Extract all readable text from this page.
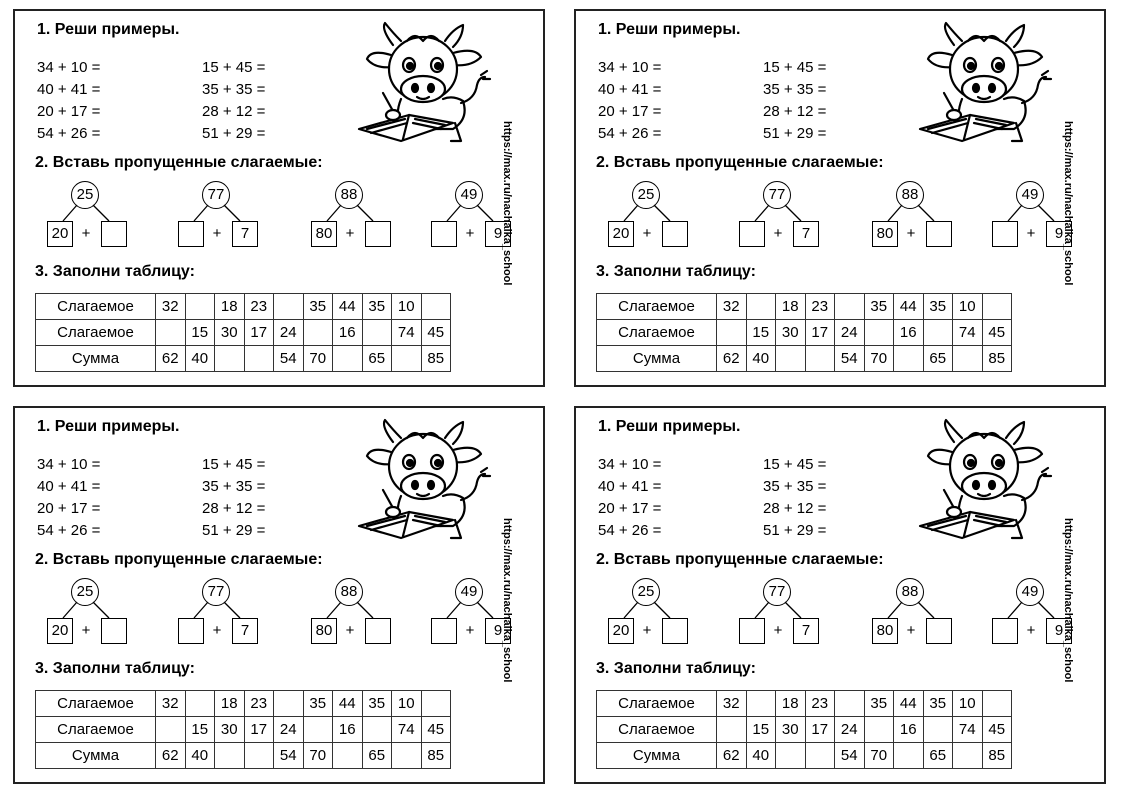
1. Реши примеры.
2. Вставь пропущенные слагаемые:
3. Заполни таблицу:
34 + 10 =	15 + 45 =
40 + 41 =	35 + 35 =
20 + 17 =	28 + 12 =
54 + 26 =	51 + 29 =	https://max.ru/nachalka_school
25
20 +
77
+	7
88
80 +
49
+	9
Слагаемое	32		18	23		35	44	35	10	
Слагаемое		15	30	17	24		16		74	45
Сумма	62	40			54	70		65		85
1. Реши примеры.
2. Вставь пропущенные слагаемые:
3. Заполни таблицу:
34 + 10 =	15 + 45 =
40 + 41 =	35 + 35 =
20 + 17 =	28 + 12 =
54 + 26 =	51 + 29 =	https://max.ru/nachalka_school
25
20 +
77
+	7
88
80 +
49
+	9
Слагаемое	32		18	23		35	44	35	10	
Слагаемое		15	30	17	24		16		74	45
Сумма	62	40			54	70		65		85
1. Реши примеры.
2. Вставь пропущенные слагаемые:
3. Заполни таблицу:
34 + 10 =	15 + 45 =
40 + 41 =	35 + 35 =
20 + 17 =	28 + 12 =
54 + 26 =	51 + 29 =	https://max.ru/nachalka_school
25
20 +
77
+	7
88
80 +
49
+	9
Слагаемое	32		18	23		35	44	35	10	
Слагаемое		15	30	17	24		16		74	45
Сумма	62	40			54	70		65		85
1. Реши примеры.
2. Вставь пропущенные слагаемые:
3. Заполни таблицу:
34 + 10 =	15 + 45 =
40 + 41 =	35 + 35 =
20 + 17 =	28 + 12 =
54 + 26 =	51 + 29 =	https://max.ru/nachalka_school
25
20 +
77
+	7
88
80 +
49
+	9
Слагаемое	32		18	23		35	44	35	10	
Слагаемое		15	30	17	24		16		74	45
Сумма	62	40			54	70		65		85
